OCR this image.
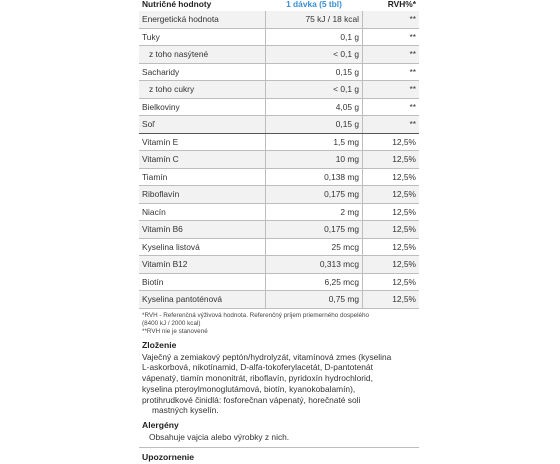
Nutričné hodnoty	1 dávka (5 tbl)	RVH%*
Energetická hodnota	75 kJ / 18 kcal	**
Tuky	0,1 g	**
z toho nasýtené	< 0,1 g	**
Sacharidy	0,15 g	**
z toho cukry	< 0,1 g	**
Bielkoviny	4,05 g	**
Soľ	0,15 g	**
Vitamín E	1,5 mg	12,5%
Vitamín C	10 mg	12,5%
Tiamín	0,138 mg	12,5%
Riboflavín	0,175 mg	12,5%
Niacín	2 mg	12,5%
Vitamín B6	0,175 mg	12,5%
Kyselina listová	25 mcg	12,5%
Vitamín B12	0,313 mcg	12,5%
Biotín	6,25 mcg	12,5%
Kyselina pantoténová	0,75 mg	12,5%
*RVH - Referenčná výživová hodnota. Referenčný príjem priemerného dospelého
(8400 kJ / 2000 kcal)
**RVH nie je stanovené
Zloženie
Vaječný a zemiakový peptón/hydrolyzát, vitamínová zmes (kyselina
L-askorbová, nikotínamid, D-alfa-tokoferylacetát, D-pantotenát
vápenatý, tiamín mononitrát, riboflavín, pyridoxín hydrochlorid,
kyselina pteroylmonoglutámová, biotín, kyanokobalamín),
protihrudkové činidlá: fosforečnan vápenatý, horečnaté soli
mastných kyselín.
Alergény
Obsahuje vajcia alebo výrobky z nich.
Upozornenie
